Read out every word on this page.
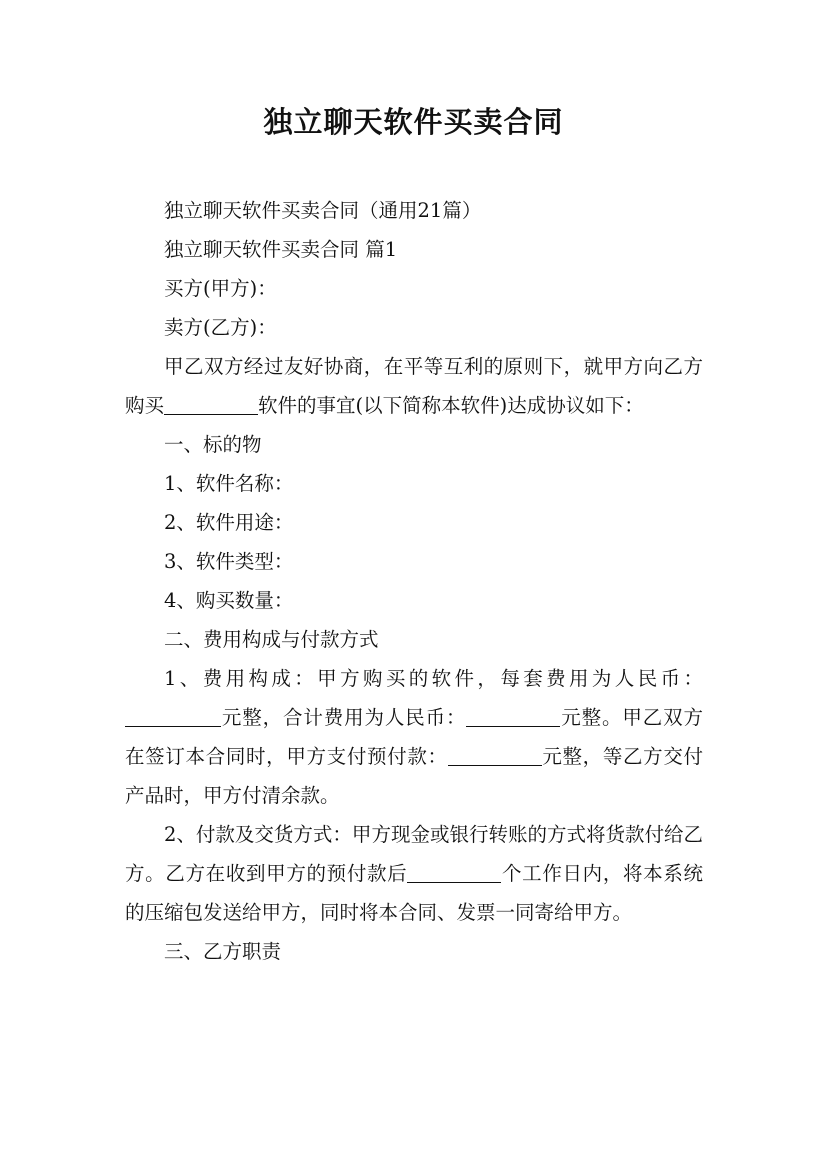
独立聊天软件买卖合同

独立聊天软件买卖合同（通用21篇）

独立聊天软件买卖合同 篇1

买方(甲方)：

卖方(乙方)：

甲乙双方经过友好协商，在平等互利的原则下，就甲方向乙方购买	软件的事宜(以下简称本软件)达成协议如下：

一、标的物

1、软件名称：

2、软件用途：

3、软件类型：

4、购买数量：

二、费用构成与付款方式

1、费用构成：甲方购买的软件，每套费用为人民币：元整，合计费用为人民币：	元整。甲乙双方在签订本合同时，甲方支付预付款：	元整，等乙方交付产品时，甲方付清余款。

2、付款及交货方式：甲方现金或银行转账的方式将货款付给乙方。乙方在收到甲方的预付款后	个工作日内，将本系统的压缩包发送给甲方，同时将本合同、发票一同寄给甲方。

三、乙方职责
